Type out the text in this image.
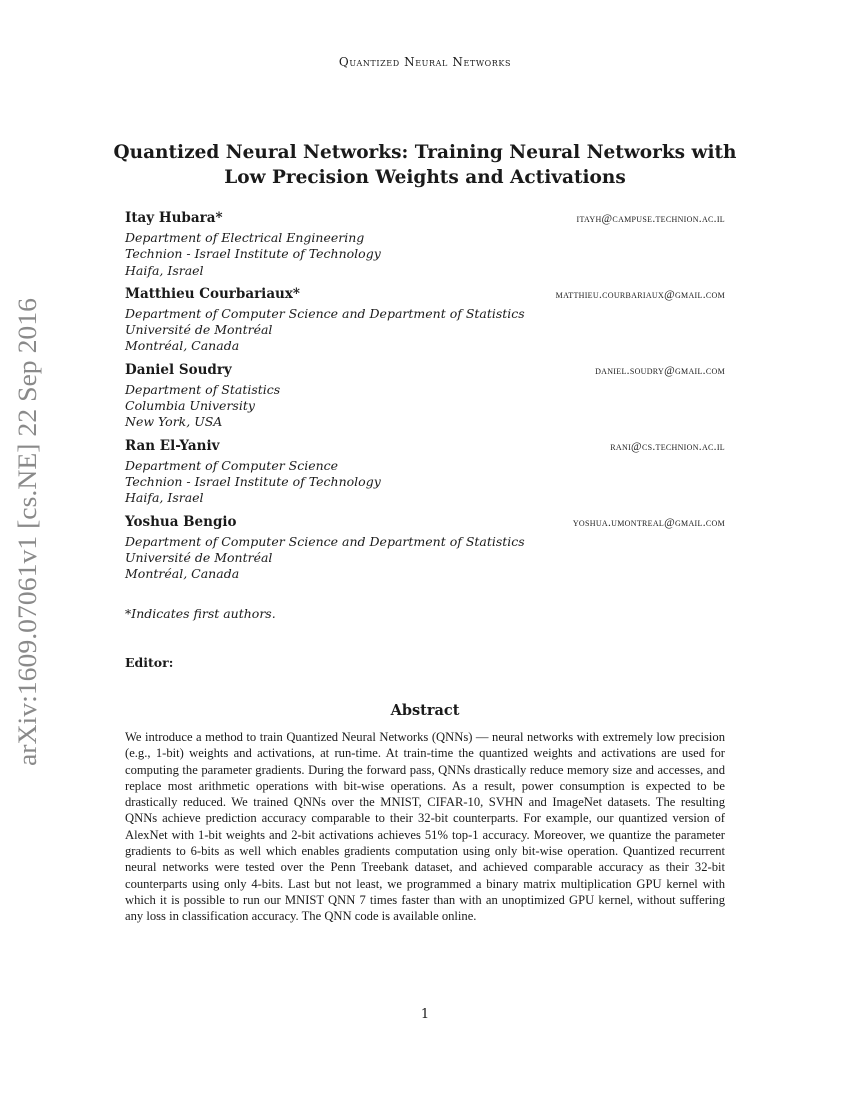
Quantized Neural Networks
arXiv:1609.07061v1 [cs.NE] 22 Sep 2016
Quantized Neural Networks: Training Neural Networks with
Low Precision Weights and Activations
Itay Hubara*	itayh@campuse.technion.ac.il
Department of Electrical Engineering
Technion - Israel Institute of Technology
Haifa, Israel
Matthieu Courbariaux*	matthieu.courbariaux@gmail.com
Department of Computer Science and Department of Statistics
Université de Montréal
Montréal, Canada
Daniel Soudry	daniel.soudry@gmail.com
Department of Statistics
Columbia University
New York, USA
Ran El-Yaniv	rani@cs.technion.ac.il
Department of Computer Science
Technion - Israel Institute of Technology
Haifa, Israel
Yoshua Bengio	yoshua.umontreal@gmail.com
Department of Computer Science and Department of Statistics
Université de Montréal
Montréal, Canada
*Indicates first authors.
Editor:
Abstract
We introduce a method to train Quantized Neural Networks (QNNs) — neural networks with extremely low precision (e.g., 1-bit) weights and activations, at run-time. At train-time the quantized weights and activations are used for computing the parameter gradients. During the forward pass, QNNs drastically reduce memory size and accesses, and replace most arithmetic operations with bit-wise operations. As a result, power consumption is expected to be drastically reduced. We trained QNNs over the MNIST, CIFAR-10, SVHN and ImageNet datasets. The resulting QNNs achieve prediction accuracy comparable to their 32-bit counterparts. For example, our quantized version of AlexNet with 1-bit weights and 2-bit activations achieves 51% top-1 accuracy. Moreover, we quantize the parameter gradients to 6-bits as well which enables gradients computation using only bit-wise operation. Quantized recurrent neural networks were tested over the Penn Treebank dataset, and achieved comparable accuracy as their 32-bit counterparts using only 4-bits. Last but not least, we programmed a binary matrix multiplication GPU kernel with which it is possible to run our MNIST QNN 7 times faster than with an unoptimized GPU kernel, without suffering any loss in classification accuracy. The QNN code is available online.
1
